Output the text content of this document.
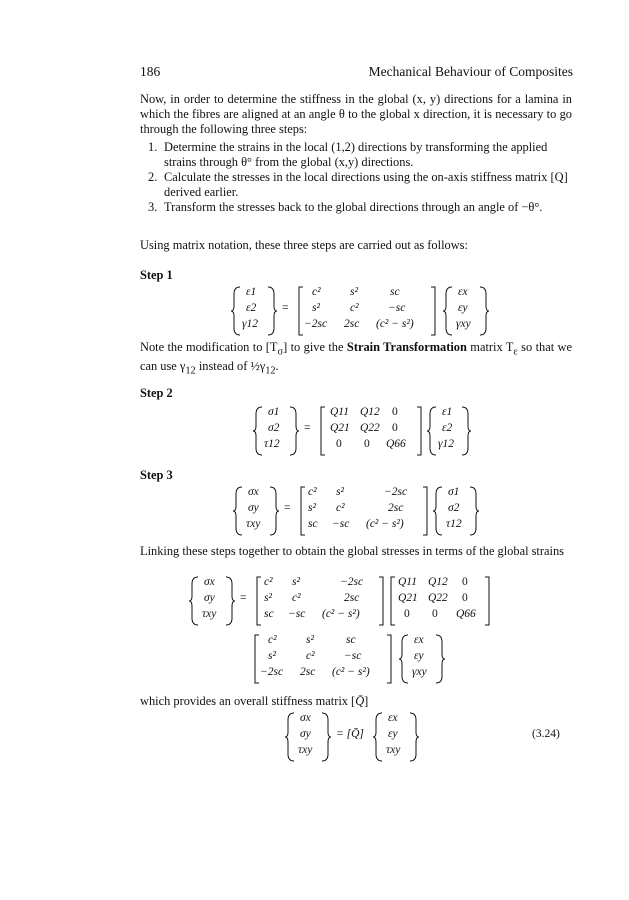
186	Mechanical Behaviour of Composites
Now, in order to determine the stiffness in the global (x, y) directions for a lamina in which the fibres are aligned at an angle θ to the global x direction, it is necessary to go through the following three steps:
1. Determine the strains in the local (1,2) directions by transforming the applied strains through θ° from the global (x,y) directions.
2. Calculate the stresses in the local directions using the on-axis stiffness matrix [Q] derived earlier.
3. Transform the stresses back to the global directions through an angle of −θ°.
Using matrix notation, these three steps are carried out as follows:
Step 1
ε1
ε2
γ12
=
c²	s²	sc
s²	c²	−sc
−2sc 2sc (c² − s²)
εx
εy
γxy
Note the modification to $[T_\sigma]$ to give the Strain Transformation matrix $T_\varepsilon$ so that we can use $\gamma_{12}$ instead of $\frac{1}{2}\gamma_{12}$.
Step 2
σ1
σ2
τ12
=
Q11 Q12 0
Q21 Q22 0
0 0 Q66
ε1
ε2
γ12
Step 3
σx
σy
τxy
=
c² s²	−2sc
s² c²	2sc
sc −sc (c² − s²)
σ1
σ2
τ12
Linking these steps together to obtain the global stresses in terms of the global strains
σx
σy
τxy
=
c² s²	−2sc
s² c²	2sc
sc −sc (c² − s²)
Q11 Q12 0
Q21 Q22 0
0 0 Q66
c²	s²	sc
s²	c²	−sc
−2sc 2sc (c² − s²)
εx
εy
γxy
which provides an overall stiffness matrix [Q̄]
σx
σy
τxy
= [Q̄]
εx
εy
τxy
(3.24)
